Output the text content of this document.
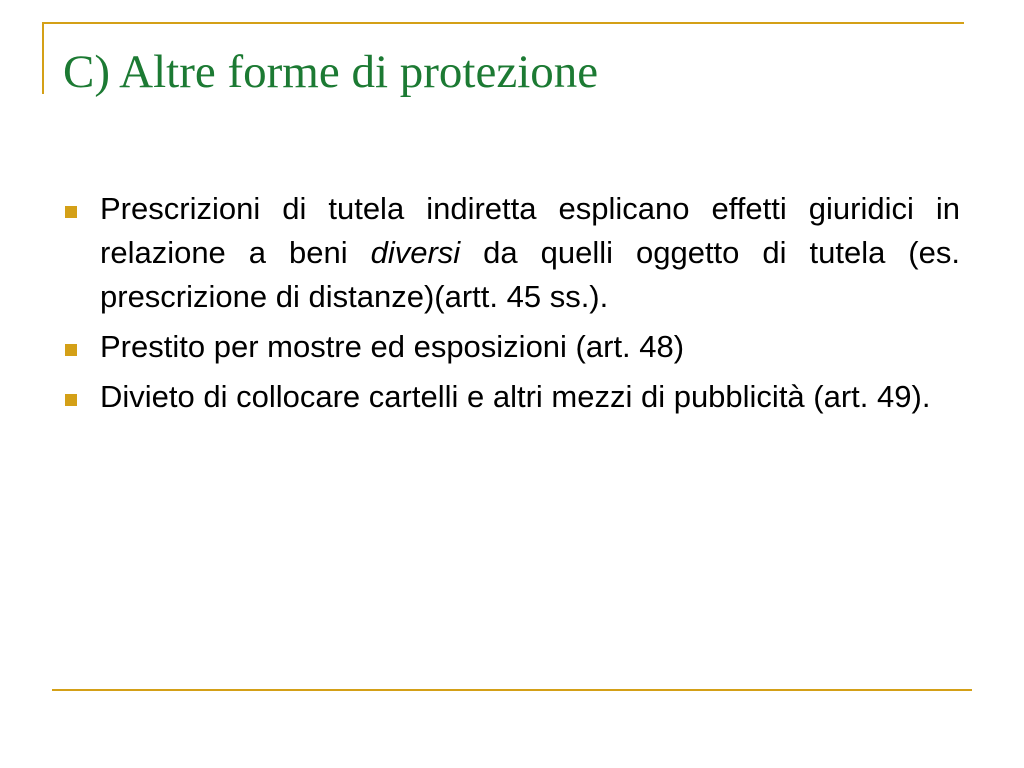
C) Altre forme di protezione
Prescrizioni di tutela indiretta esplicano effetti giuridici in relazione a beni diversi da quelli oggetto di tutela (es. prescrizione di distanze)(artt. 45 ss.).
Prestito per mostre ed esposizioni (art. 48)
Divieto di collocare cartelli e altri mezzi di pubblicità (art. 49).
